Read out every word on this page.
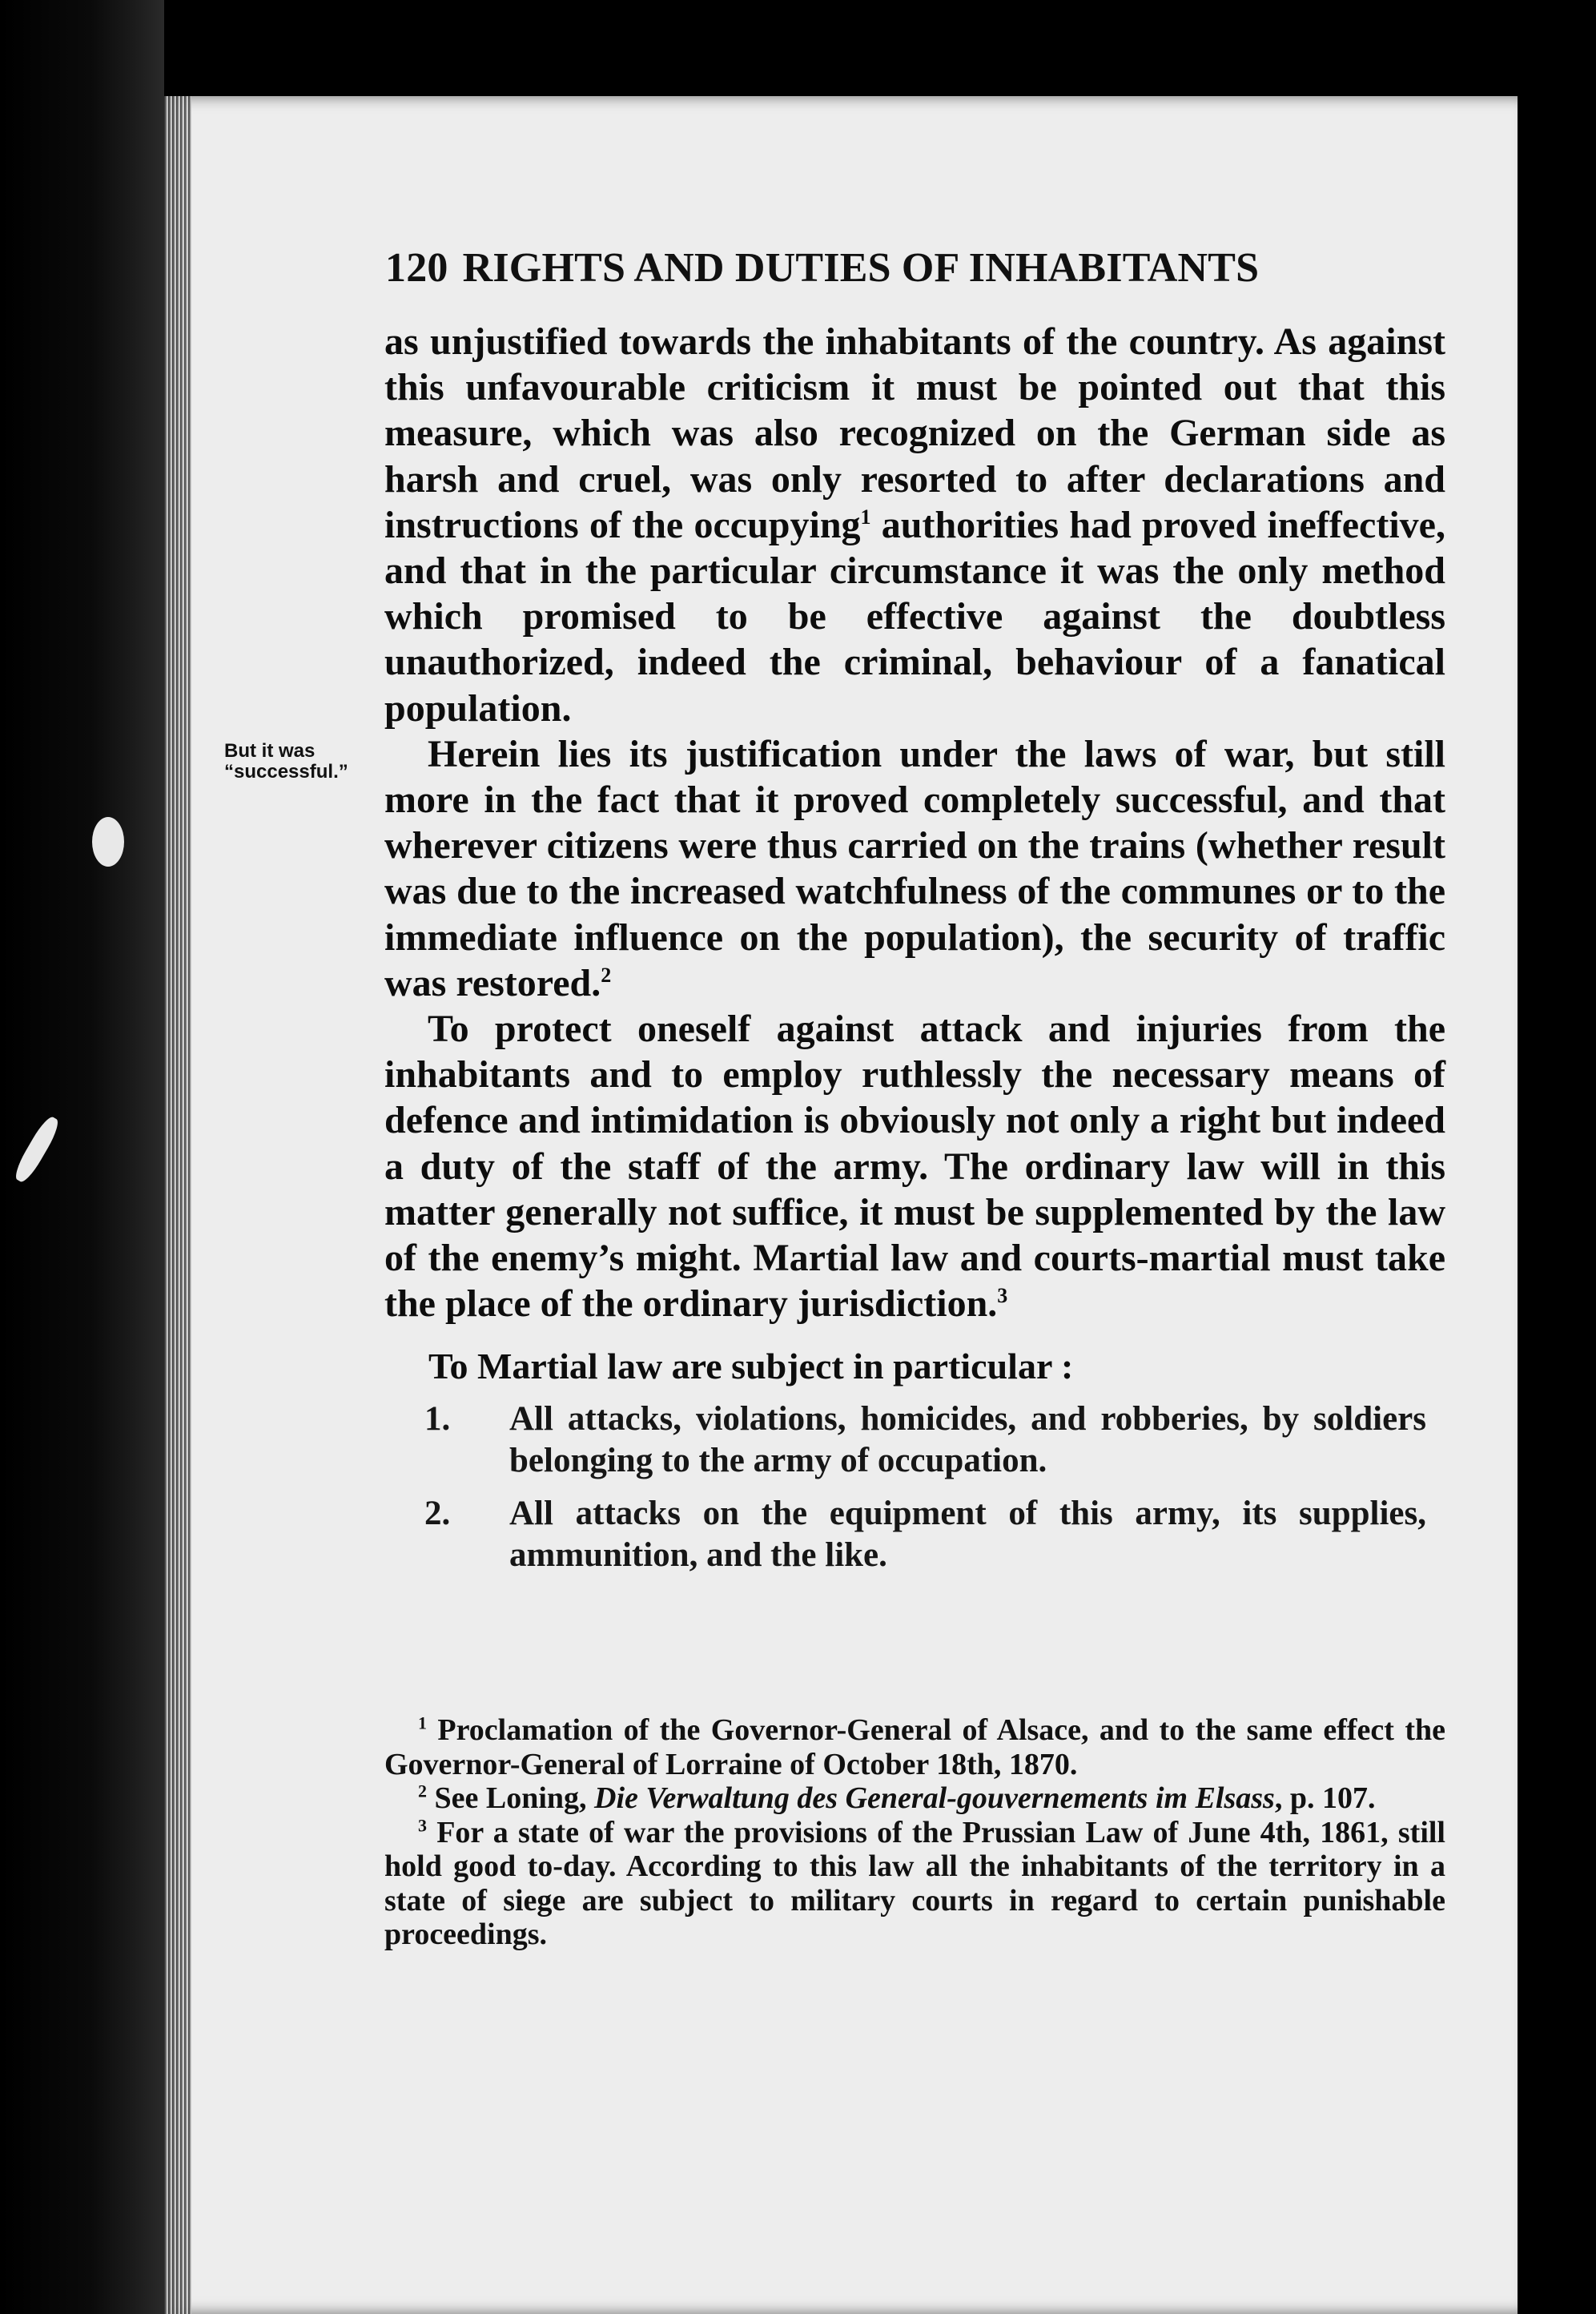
120 RIGHTS AND DUTIES OF INHABITANTS
But it was
“successful.”

as unjustified towards the inhabitants of the country. As against this unfavourable criticism it must be pointed out that this measure, which was also recognized on the German side as harsh and cruel, was only resorted to after declarations and instructions of the occupying$^1$ authorities had proved ineffective, and that in the particular circumstance it was the only method which promised to be effective against the doubtless unauthorized, indeed the criminal, behaviour of a fanatical population.

Herein lies its justification under the laws of war, but still more in the fact that it proved completely successful, and that wherever citizens were thus carried on the trains (whether result was due to the increased watchfulness of the communes or to the immediate influence on the population), the security of traffic was restored.$^2$

To protect oneself against attack and injuries from the inhabitants and to employ ruthlessly the necessary means of defence and intimidation is obviously not only a right but indeed a duty of the staff of the army. The ordinary law will in this matter generally not suffice, it must be supplemented by the law of the enemy’s might. Martial law and courts-martial must take the place of the ordinary jurisdiction.$^3$

To Martial law are subject in particular :
1. All attacks, violations, homicides, and robberies, by soldiers belonging to the army of occupation.
2. All attacks on the equipment of this army, its supplies, ammunition, and the like.

$^1$ Proclamation of the Governor-General of Alsace, and to the same effect the Governor-General of Lorraine of October 18th, 1870.

$^2$ See Loning, Die Verwaltung des General-gouvernements im Elsass, p. 107.

$^3$ For a state of war the provisions of the Prussian Law of June 4th, 1861, still hold good to-day. According to this law all the inhabitants of the territory in a state of siege are subject to military courts in regard to certain punishable proceedings.
